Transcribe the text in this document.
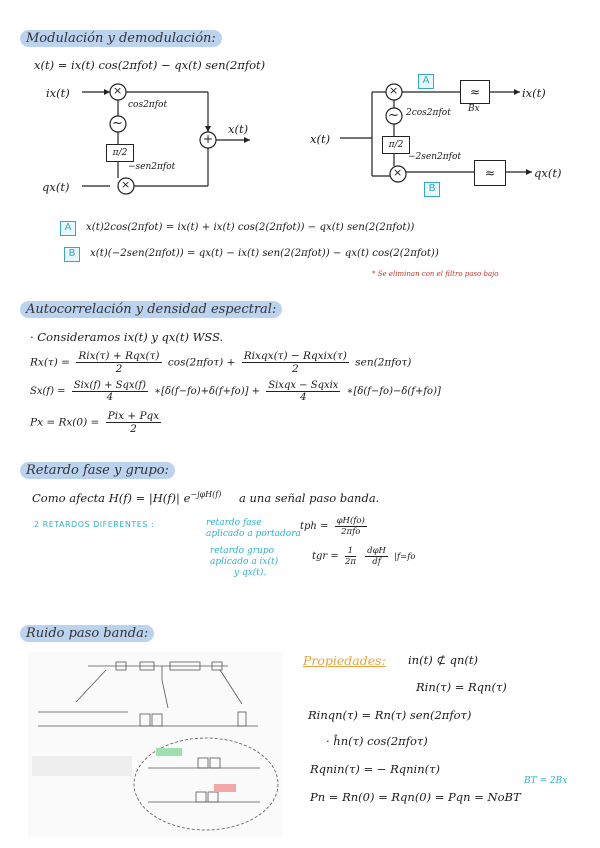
Modulación y demodulación:
x(t) = ix(t) cos(2πfot) − qx(t) sen(2πfot)
ix(t)
qx(t)
×
~
cos2πfot
π/2
−sen2πfot
×
+
x(t)
A
B
x(t)
×
~ 2cos2πfot
π/2
−2sen2πfot
×
≈
Bx
ix(t)
≈	qx(t)
A	x(t)2cos(2πfot) = ix(t) + ix(t) cos(2(2πfot)) − qx(t) sen(2(2πfot))
B	x(t)(−2sen(2πfot)) = qx(t) − ix(t) sen(2(2πfot)) − qx(t) cos(2(2πfot))
* Se eliminan con el filtro paso bajo
Autocorrelación y densidad espectral:
· Consideramos ix(t) y qx(t) WSS.
$Rx(\tau) = \frac{\text{Rix(τ) + Rqx(τ)}}{2} \cos(2\pi fo\tau) + \frac{\text{Rixqx(τ) − Rqxix(τ)}}{2} sen(2\pi fo\tau)$
$Sx(f) = \frac{\text{Six(f) + Sqx(f)}}{4}$ ∗[δ(f−fo)+δ(f+fo)] + $\frac{\text{Sixqx − Sqxix}}{4}$ ∗[δ(f−fo)−δ(f+fo)]
$Px = Rx(0) = \frac{\text{Pix + Pqx}}{2}$
Retardo fase y grupo:
Como afecta H(f) = |H(f)| $e^{-j\varphi H(f)}$ a una señal paso banda.
2 RETARDOS DIFERENTES :	retardo fase
aplicado a portadora
tph = $\frac{\varphi H(fo)}{\text{2πfo}}$
retardo grupo
aplicado a ix(t)
y qx(t).
tgr = $\frac{1}{2\pi}$
$\frac{\text{dφH}}{df} |f=fo$
Ruido paso banda:
Propiedades: in(t) ⊄ qn(t)
Rin(τ) = Rqn(τ)
Rinqn(τ) = Rn(τ) sen(2πfoτ)
· ĥn(τ) cos(2πfoτ)
Rqnin(τ) = − Rqnin(τ)
BT = 2Bx
Pn = Rn(0) = Rqn(0) = Pqn = NoBT
